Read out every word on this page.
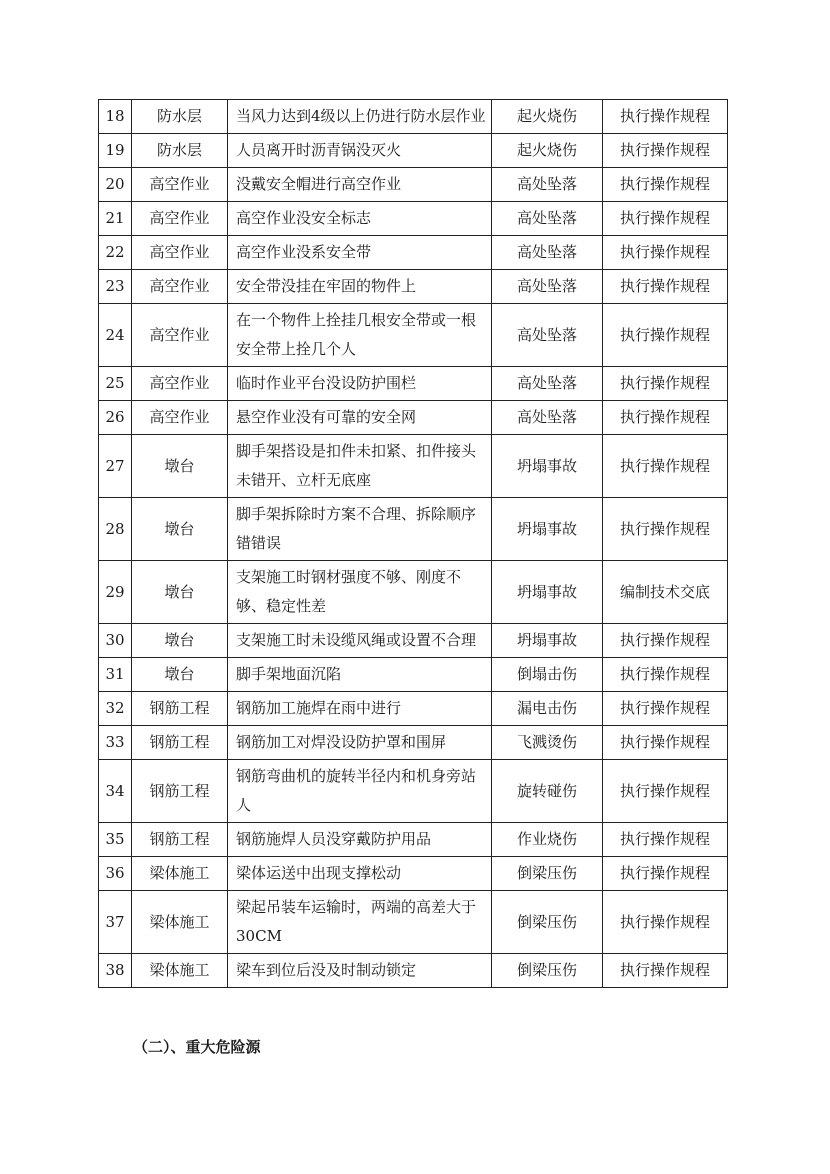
18	防水层	当风力达到4级以上仍进行防水层作业	起火烧伤	执行操作规程
19	防水层	人员离开时沥青锅没灭火	起火烧伤	执行操作规程
20	高空作业	没戴安全帽进行高空作业	高处坠落	执行操作规程
21	高空作业	高空作业没安全标志	高处坠落	执行操作规程
22	高空作业	高空作业没系安全带	高处坠落	执行操作规程
23	高空作业	安全带没挂在牢固的物件上	高处坠落	执行操作规程
24	高空作业	在一个物件上拴挂几根安全带或一根安全带上拴几个人	高处坠落	执行操作规程
25	高空作业	临时作业平台没设防护围栏	高处坠落	执行操作规程
26	高空作业	悬空作业没有可靠的安全网	高处坠落	执行操作规程
27	墩台	脚手架搭设是扣件未扣紧、扣件接头未错开、立杆无底座	坍塌事故	执行操作规程
28	墩台	脚手架拆除时方案不合理、拆除顺序错错误	坍塌事故	执行操作规程
29	墩台	支架施工时钢材强度不够、刚度不够、稳定性差	坍塌事故	编制技术交底
30	墩台	支架施工时未设缆风绳或设置不合理	坍塌事故	执行操作规程
31	墩台	脚手架地面沉陷	倒塌击伤	执行操作规程
32	钢筋工程	钢筋加工施焊在雨中进行	漏电击伤	执行操作规程
33	钢筋工程	钢筋加工对焊没设防护罩和围屏	飞溅烫伤	执行操作规程
34	钢筋工程	钢筋弯曲机的旋转半径内和机身旁站人	旋转碰伤	执行操作规程
35	钢筋工程	钢筋施焊人员没穿戴防护用品	作业烧伤	执行操作规程
36	梁体施工	梁体运送中出现支撑松动	倒梁压伤	执行操作规程
37	梁体施工	梁起吊装车运输时，两端的高差大于 30CM	倒梁压伤	执行操作规程
38	梁体施工	梁车到位后没及时制动锁定	倒梁压伤	执行操作规程
（二）、重大危险源
